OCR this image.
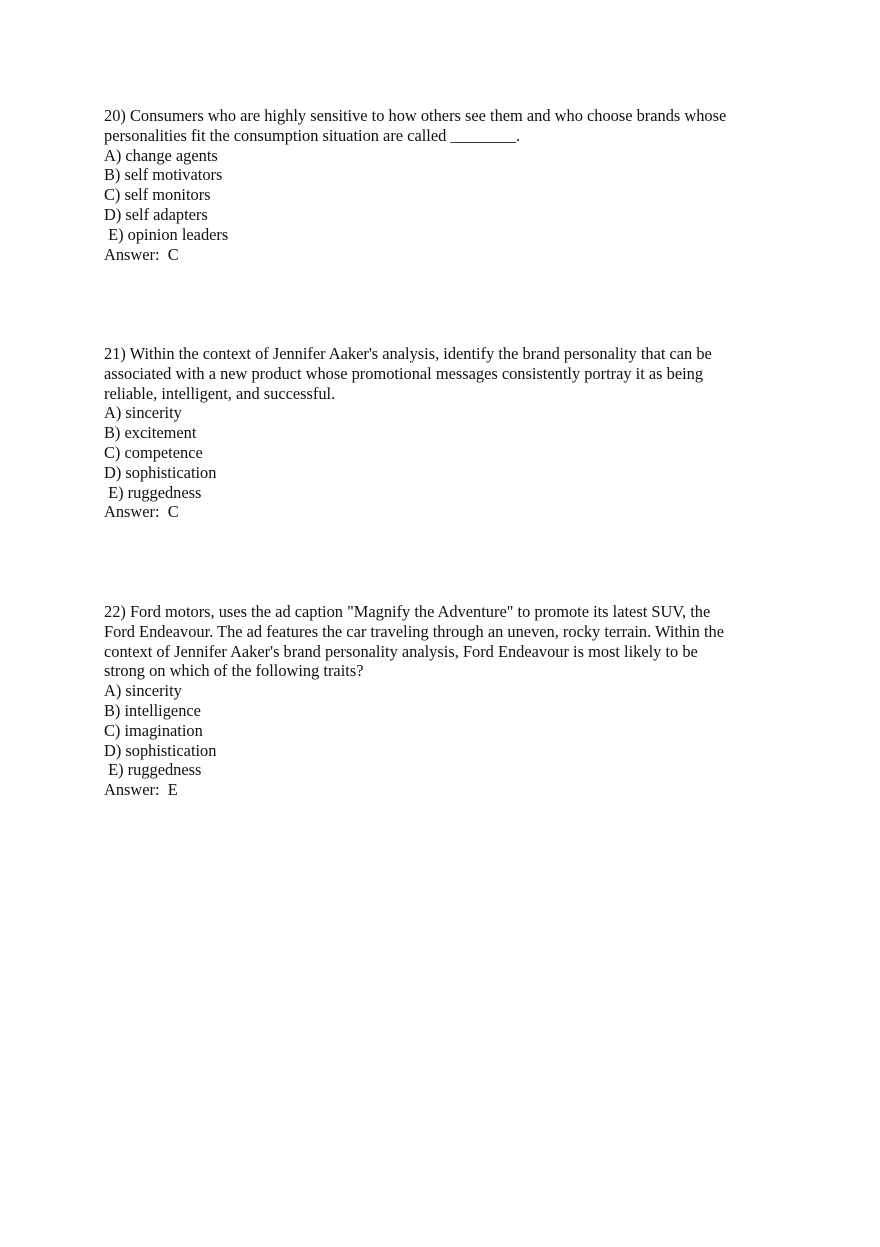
20) Consumers who are highly sensitive to how others see them and who choose brands whose
personalities fit the consumption situation are called ________.
A) change agents
B) self motivators
C) self monitors
D) self adapters
E) opinion leaders
Answer:  C
21) Within the context of Jennifer Aaker's analysis, identify the brand personality that can be
associated with a new product whose promotional messages consistently portray it as being
reliable, intelligent, and successful.
A) sincerity
B) excitement
C) competence
D) sophistication
E) ruggedness
Answer:  C
22) Ford motors, uses the ad caption "Magnify the Adventure" to promote its latest SUV, the
Ford Endeavour. The ad features the car traveling through an uneven, rocky terrain. Within the
context of Jennifer Aaker's brand personality analysis, Ford Endeavour is most likely to be
strong on which of the following traits?
A) sincerity
B) intelligence
C) imagination
D) sophistication
E) ruggedness
Answer:  E
